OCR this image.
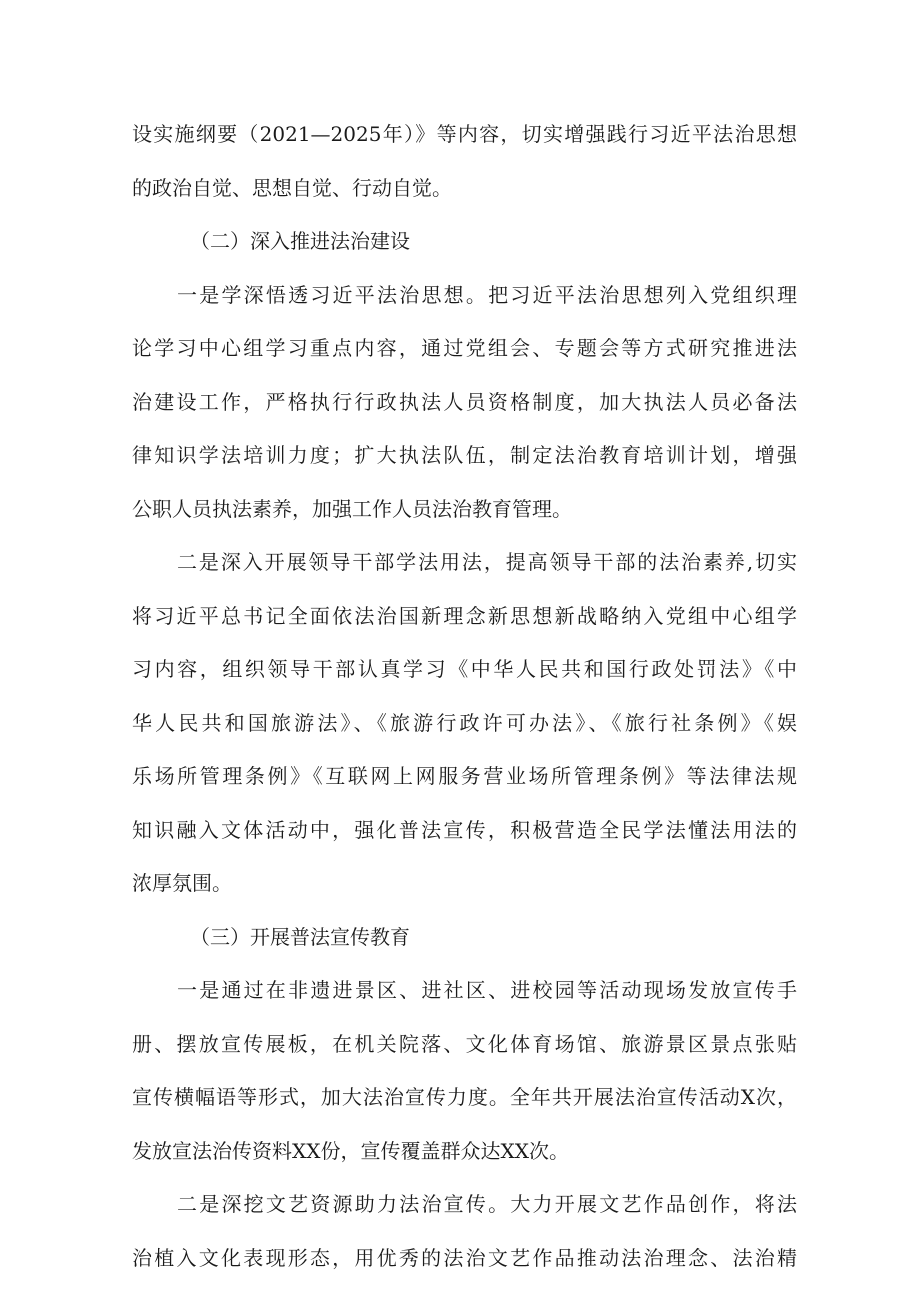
设实施纲要（2021—2025年）》等内容，切实增强践行习近平法治思想
的政治自觉、思想自觉、行动自觉。
（二）深入推进法治建设
一是学深悟透习近平法治思想。把习近平法治思想列入党组织理
论学习中心组学习重点内容，通过党组会、专题会等方式研究推进法
治建设工作，严格执行行政执法人员资格制度，加大执法人员必备法
律知识学法培训力度；扩大执法队伍，制定法治教育培训计划，增强
公职人员执法素养，加强工作人员法治教育管理。
二是深入开展领导干部学法用法，提高领导干部的法治素养,切实
将习近平总书记全面依法治国新理念新思想新战略纳入党组中心组学
习内容，组织领导干部认真学习《中华人民共和国行政处罚法》《中
华人民共和国旅游法》、《旅游行政许可办法》、《旅行社条例》《娱
乐场所管理条例》《互联网上网服务营业场所管理条例》等法律法规
知识融入文体活动中，强化普法宣传，积极营造全民学法懂法用法的
浓厚氛围。
（三）开展普法宣传教育
一是通过在非遗进景区、进社区、进校园等活动现场发放宣传手
册、摆放宣传展板，在机关院落、文化体育场馆、旅游景区景点张贴
宣传横幅语等形式，加大法治宣传力度。全年共开展法治宣传活动X次，
发放宣法治传资料XX份，宣传覆盖群众达XX次。
二是深挖文艺资源助力法治宣传。大力开展文艺作品创作，将法
治植入文化表现形态，用优秀的法治文艺作品推动法治理念、法治精
